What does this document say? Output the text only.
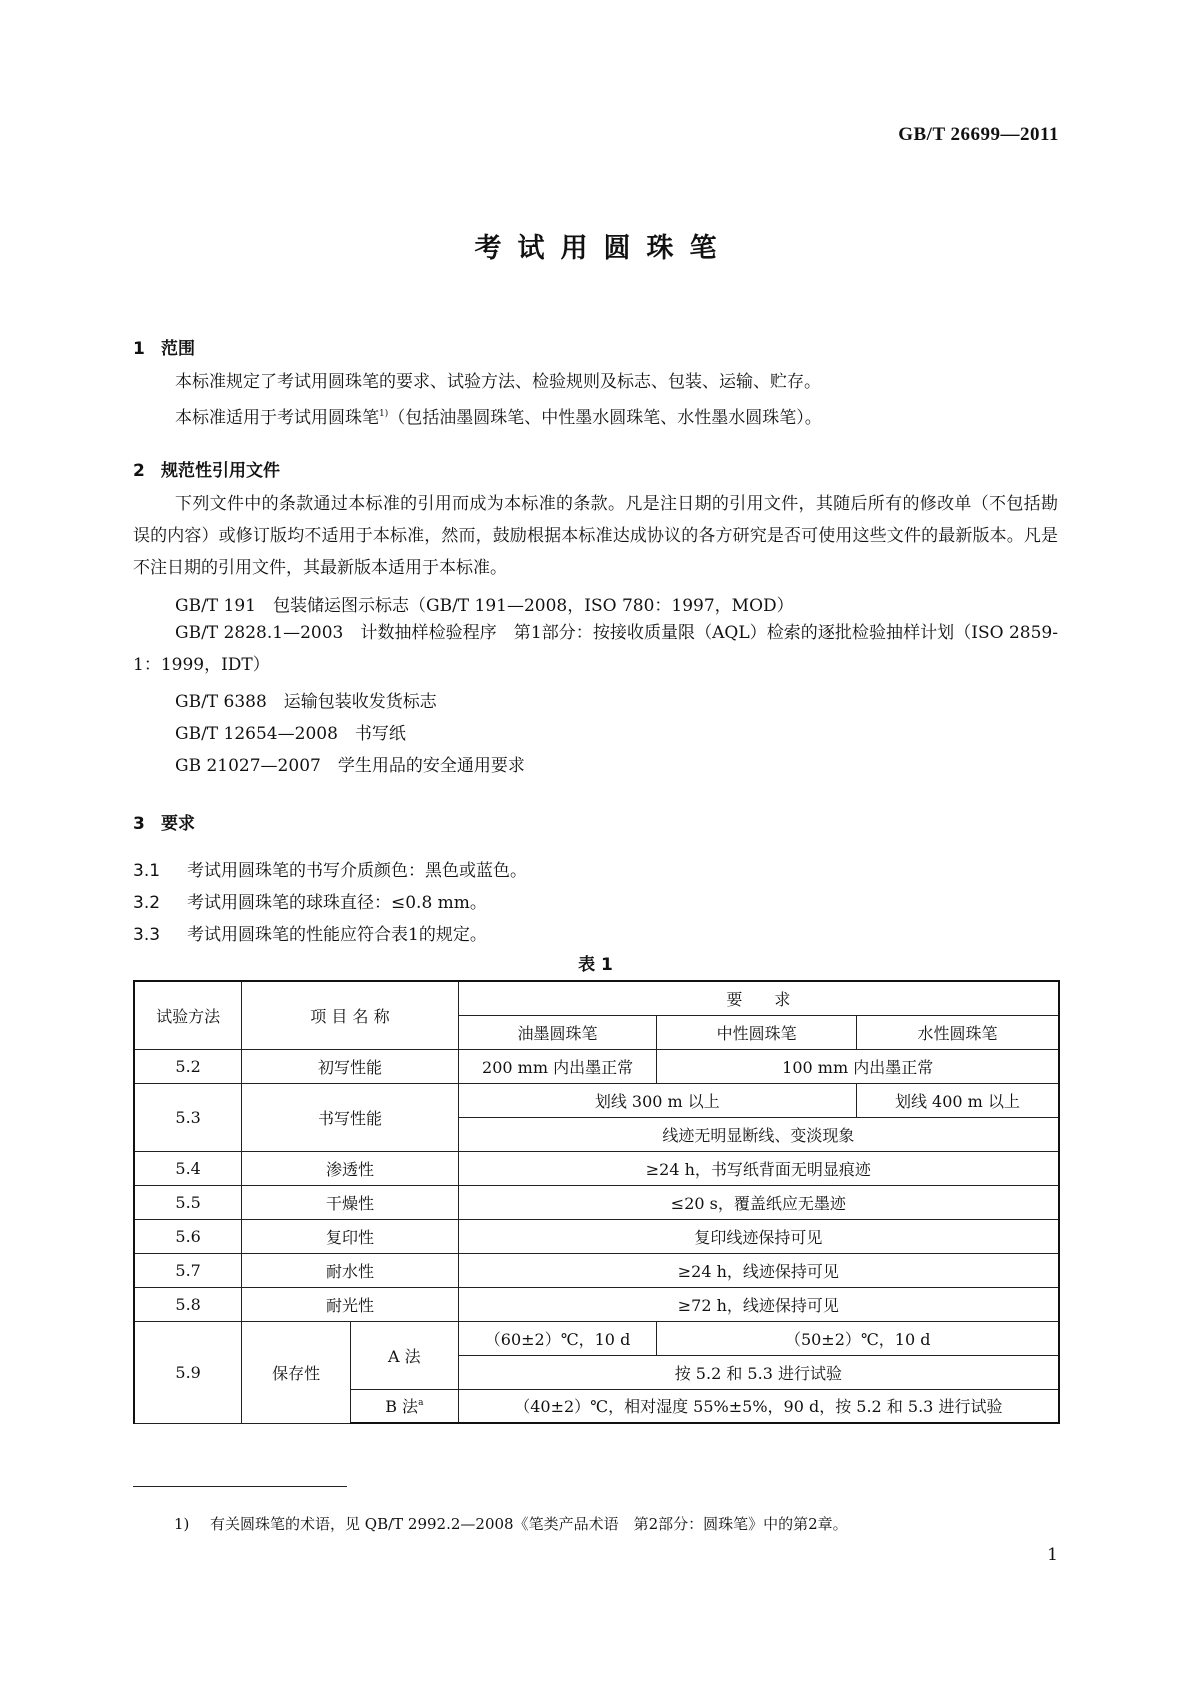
GB/T 26699—2011
考试用圆珠笔
1 范围
本标准规定了考试用圆珠笔的要求、试验方法、检验规则及标志、包装、运输、贮存。
本标准适用于考试用圆珠笔$^{1)}$（包括油墨圆珠笔、中性墨水圆珠笔、水性墨水圆珠笔）。
2 规范性引用文件
下列文件中的条款通过本标准的引用而成为本标准的条款。凡是注日期的引用文件，其随后所有的修改单（不包括勘误的内容）或修订版均不适用于本标准，然而，鼓励根据本标准达成协议的各方研究是否可使用这些文件的最新版本。凡是不注日期的引用文件，其最新版本适用于本标准。
GB/T 191　包装储运图示标志（GB/T 191—2008，ISO 780：1997，MOD）
GB/T 2828.1—2003　计数抽样检验程序　第1部分：按接收质量限（AQL）检索的逐批检验抽样计划（ISO 2859-1：1999，IDT）
GB/T 6388　运输包装收发货标志
GB/T 12654—2008　书写纸
GB 21027—2007　学生用品的安全通用要求
3 要求
3.1 考试用圆珠笔的书写介质颜色：黑色或蓝色。
3.2 考试用圆珠笔的球珠直径：≤0.8 mm。
3.3 考试用圆珠笔的性能应符合表1的规定。
表 1
试验方法	项 目 名 称		要　　求		
			油墨圆珠笔	中性圆珠笔	水性圆珠笔
5.2	初写性能		200 mm 内出墨正常	100 mm 内出墨正常	
5.3	书写性能		划线 300 m 以上		划线 400 m 以上
			线迹无明显断线、变淡现象		
5.4	渗透性		≥24 h，书写纸背面无明显痕迹		
5.5	干燥性		≤20 s，覆盖纸应无墨迹		
5.6	复印性		复印线迹保持可见		
5.7	耐水性		≥24 h，线迹保持可见		
5.8	耐光性		≥72 h，线迹保持可见		
5.9	保存性	A 法	（60±2）℃，10 d	（50±2）℃，10 d	
			按 5.2 和 5.3 进行试验		
		B 法$^a$	（40±2）℃，相对湿度 55%±5%，90 d，按 5.2 和 5.3 进行试验		
1) 有关圆珠笔的术语，见 QB/T 2992.2—2008《笔类产品术语　第2部分：圆珠笔》中的第2章。
1
